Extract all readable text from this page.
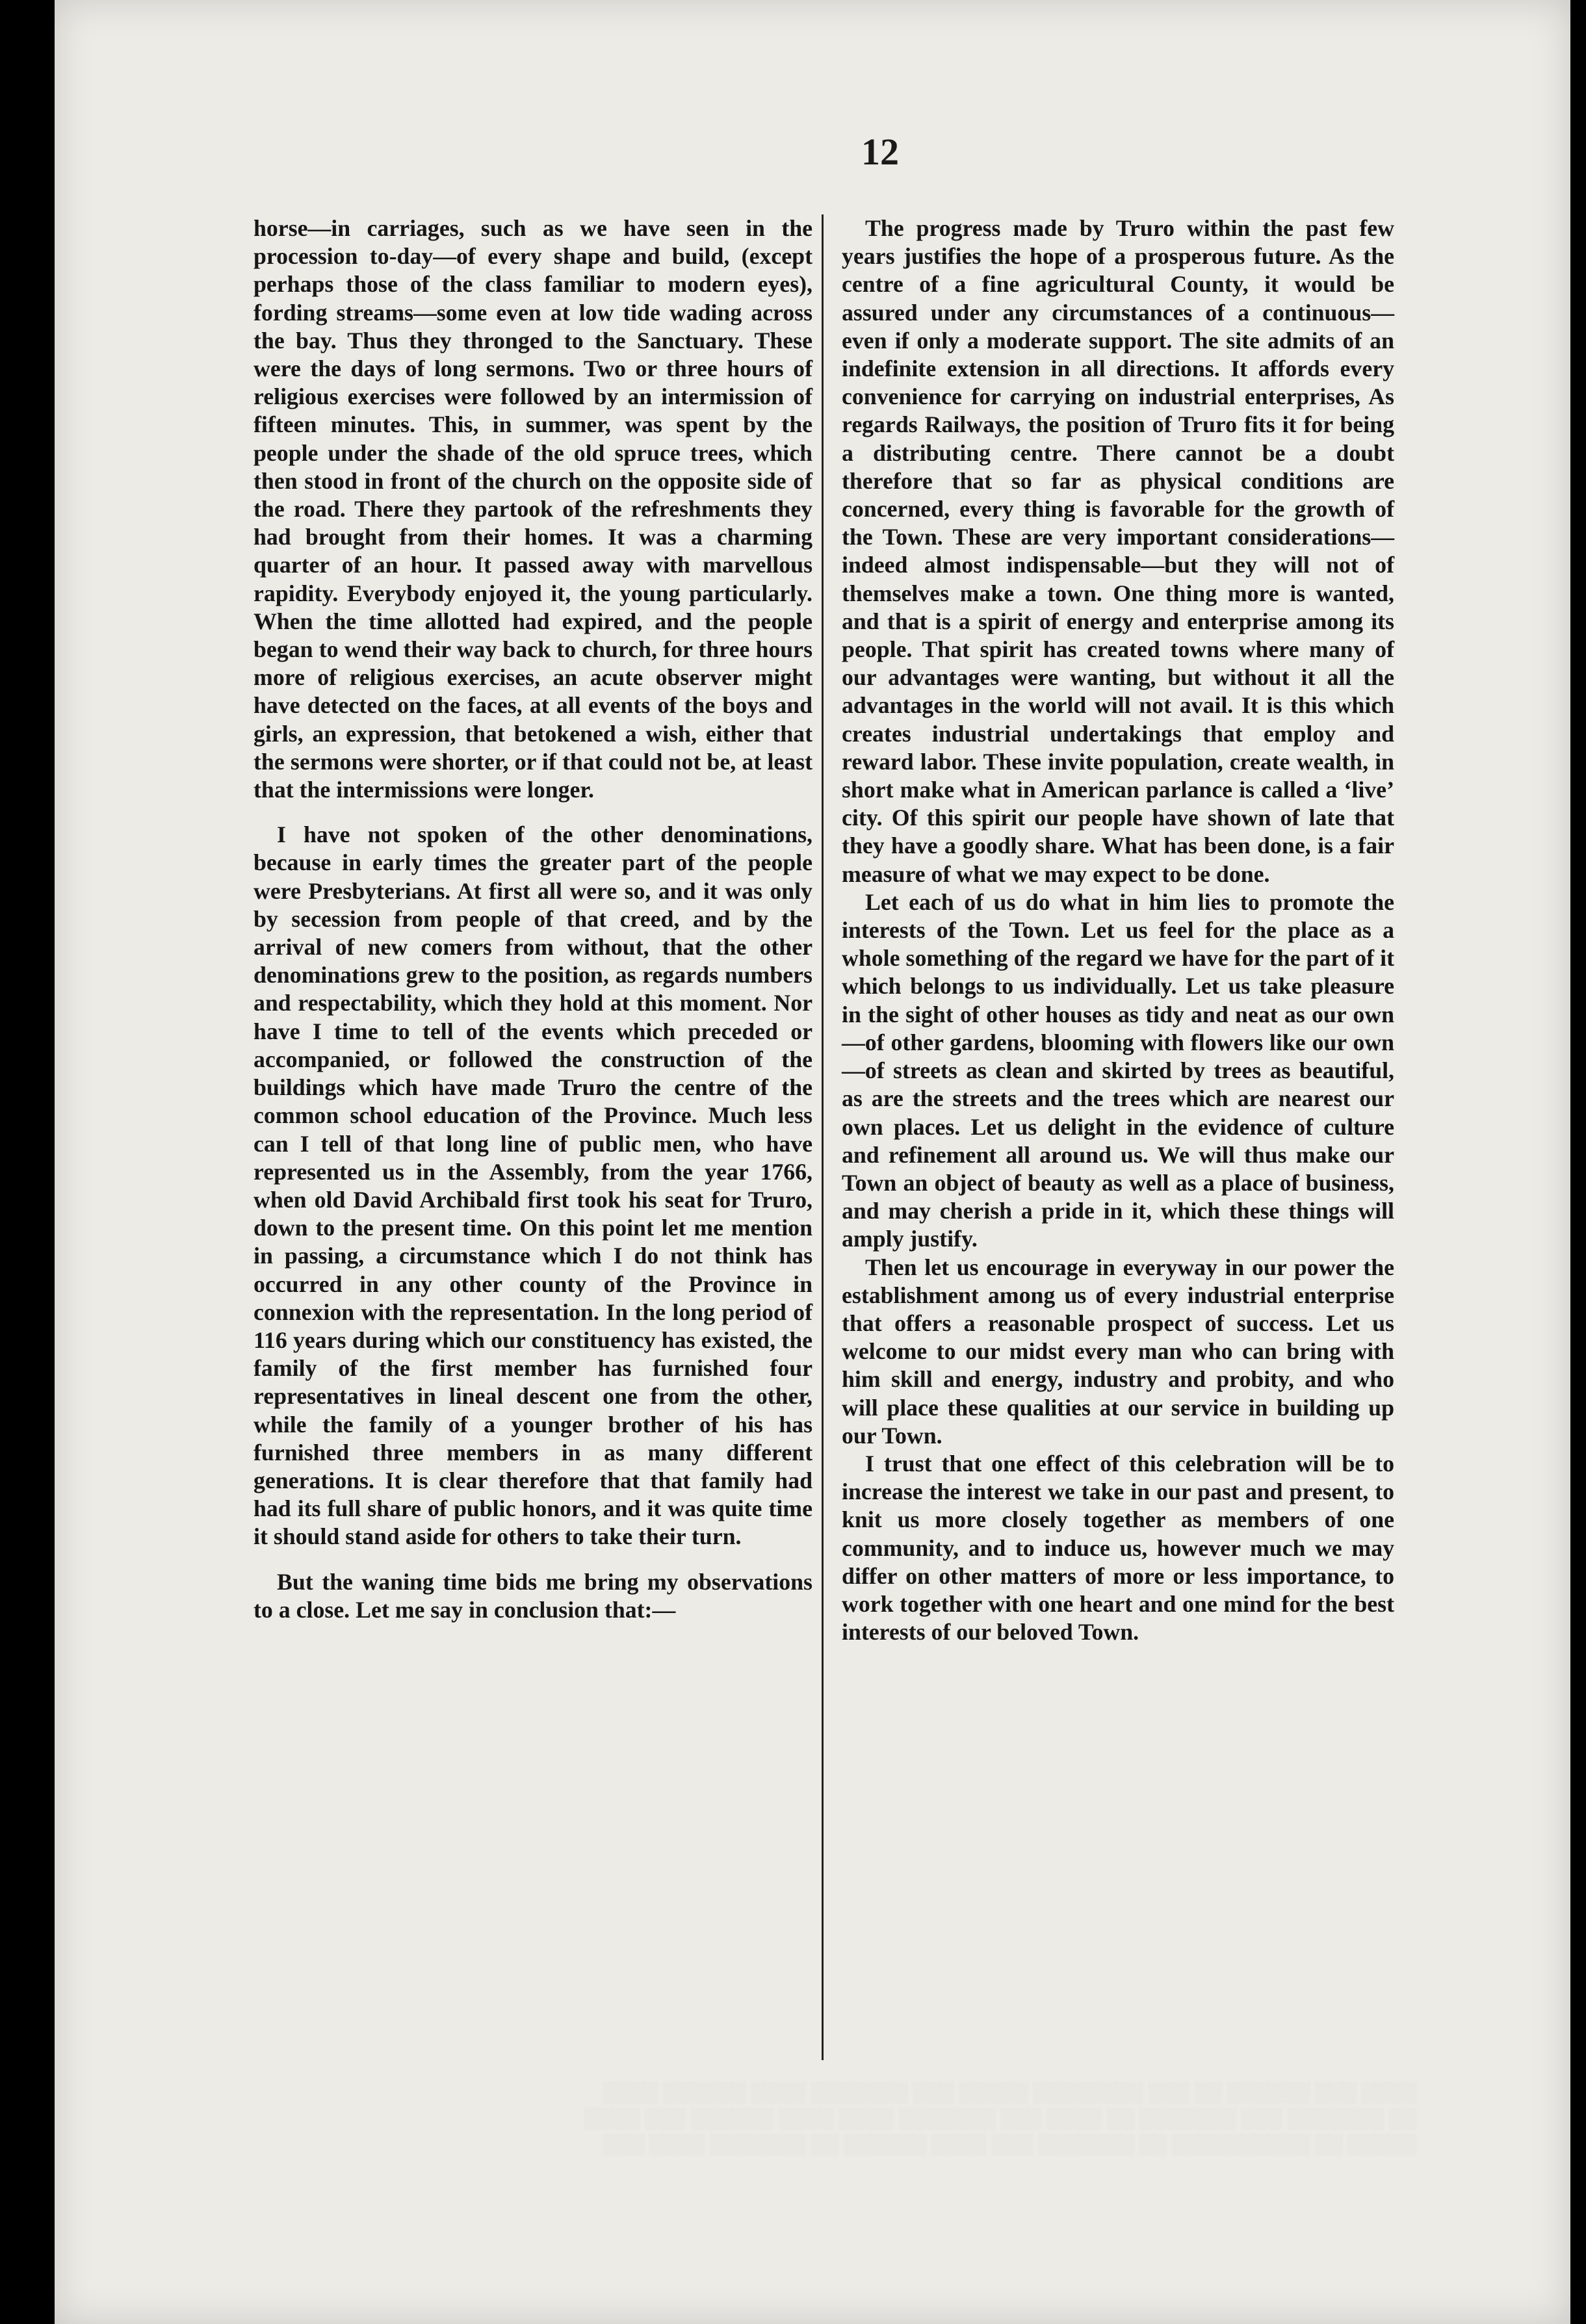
12

horse—in carriages, such as we have seen in the procession to-day—of every shape and build, (except perhaps those of the class familiar to modern eyes), fording streams—some even at low tide wading across the bay. Thus they thronged to the Sanctuary. These were the days of long sermons. Two or three hours of religious exercises were followed by an intermission of fifteen minutes. This, in summer, was spent by the people under the shade of the old spruce trees, which then stood in front of the church on the opposite side of the road. There they partook of the refreshments they had brought from their homes. It was a charming quarter of an hour. It passed away with marvellous rapidity. Everybody enjoyed it, the young particularly. When the time allotted had expired, and the people began to wend their way back to church, for three hours more of religious exercises, an acute observer might have detected on the faces, at all events of the boys and girls, an expression, that betokened a wish, either that the sermons were shorter, or if that could not be, at least that the intermissions were longer.

I have not spoken of the other denominations, because in early times the greater part of the people were Presbyterians. At first all were so, and it was only by secession from people of that creed, and by the arrival of new comers from without, that the other denominations grew to the position, as regards numbers and respectability, which they hold at this moment. Nor have I time to tell of the events which preceded or accompanied, or followed the construction of the buildings which have made Truro the centre of the common school education of the Province. Much less can I tell of that long line of public men, who have represented us in the Assembly, from the year 1766, when old David Archibald first took his seat for Truro, down to the present time. On this point let me mention in passing, a circumstance which I do not think has occurred in any other county of the Province in connexion with the representation. In the long period of 116 years during which our constituency has existed, the family of the first member has furnished four representatives in lineal descent one from the other, while the family of a younger brother of his has furnished three members in as many different generations. It is clear therefore that that family had had its full share of public honors, and it was quite time it should stand aside for others to take their turn.

But the waning time bids me bring my observations to a close. Let me say in conclusion that:—

The progress made by Truro within the past few years justifies the hope of a prosperous future. As the centre of a fine agricultural County, it would be assured under any circumstances of a continuous—even if only a moderate support. The site admits of an indefinite extension in all directions. It affords every convenience for carrying on industrial enterprises, As regards Railways, the position of Truro fits it for being a distributing centre. There cannot be a doubt therefore that so far as physical conditions are concerned, every thing is favorable for the growth of the Town. These are very important considerations—indeed almost indispensable—but they will not of themselves make a town. One thing more is wanted, and that is a spirit of energy and enterprise among its people. That spirit has created towns where many of our advantages were wanting, but without it all the advantages in the world will not avail. It is this which creates industrial undertakings that employ and reward labor. These invite population, create wealth, in short make what in American parlance is called a ‘live’ city. Of this spirit our people have shown of late that they have a goodly share. What has been done, is a fair measure of what we may expect to be done.

Let each of us do what in him lies to promote the interests of the Town. Let us feel for the place as a whole something of the regard we have for the part of it which belongs to us individually. Let us take pleasure in the sight of other houses as tidy and neat as our own—of other gardens, blooming with flowers like our own—of streets as clean and skirted by trees as beautiful, as are the streets and the trees which are nearest our own places. Let us delight in the evidence of culture and refinement all around us. We will thus make our Town an object of beauty as well as a place of business, and may cherish a pride in it, which these things will amply justify.

Then let us encourage in everyway in our power the establishment among us of every industrial enterprise that offers a reasonable prospect of success. Let us welcome to our midst every man who can bring with him skill and energy, industry and probity, and who will place these qualities at our service in building up our Town.

I trust that one effect of this celebration will be to increase the interest we take in our past and present, to knit us more closely together as members of one community, and to induce us, however much we may differ on other matters of more or less importance, to work together with one heart and one mind for the best interests of our beloved Town.

░░░░ ░░░ ░░░░░░ ░░ ░░░ ░░░░░░░░ ░░░░░ ░░░ ░░░░░░░ ░░░░ ░░░░░░ ░░░░
░░ ░░░░░░░ ░░░ ░░░░░░░ ░░ ░░░░ ░░░ ░░░░░░░ ░░░░ ░░░░ ░░░░░░ ░░░ ░░░░
░░░░░ ░░ ░░░░░░░░░░ ░░ ░░░░░░░ ░░░ ░░░░ ░░░░░░ ░░ ░░░░░░░ ░░░░ ░░░
